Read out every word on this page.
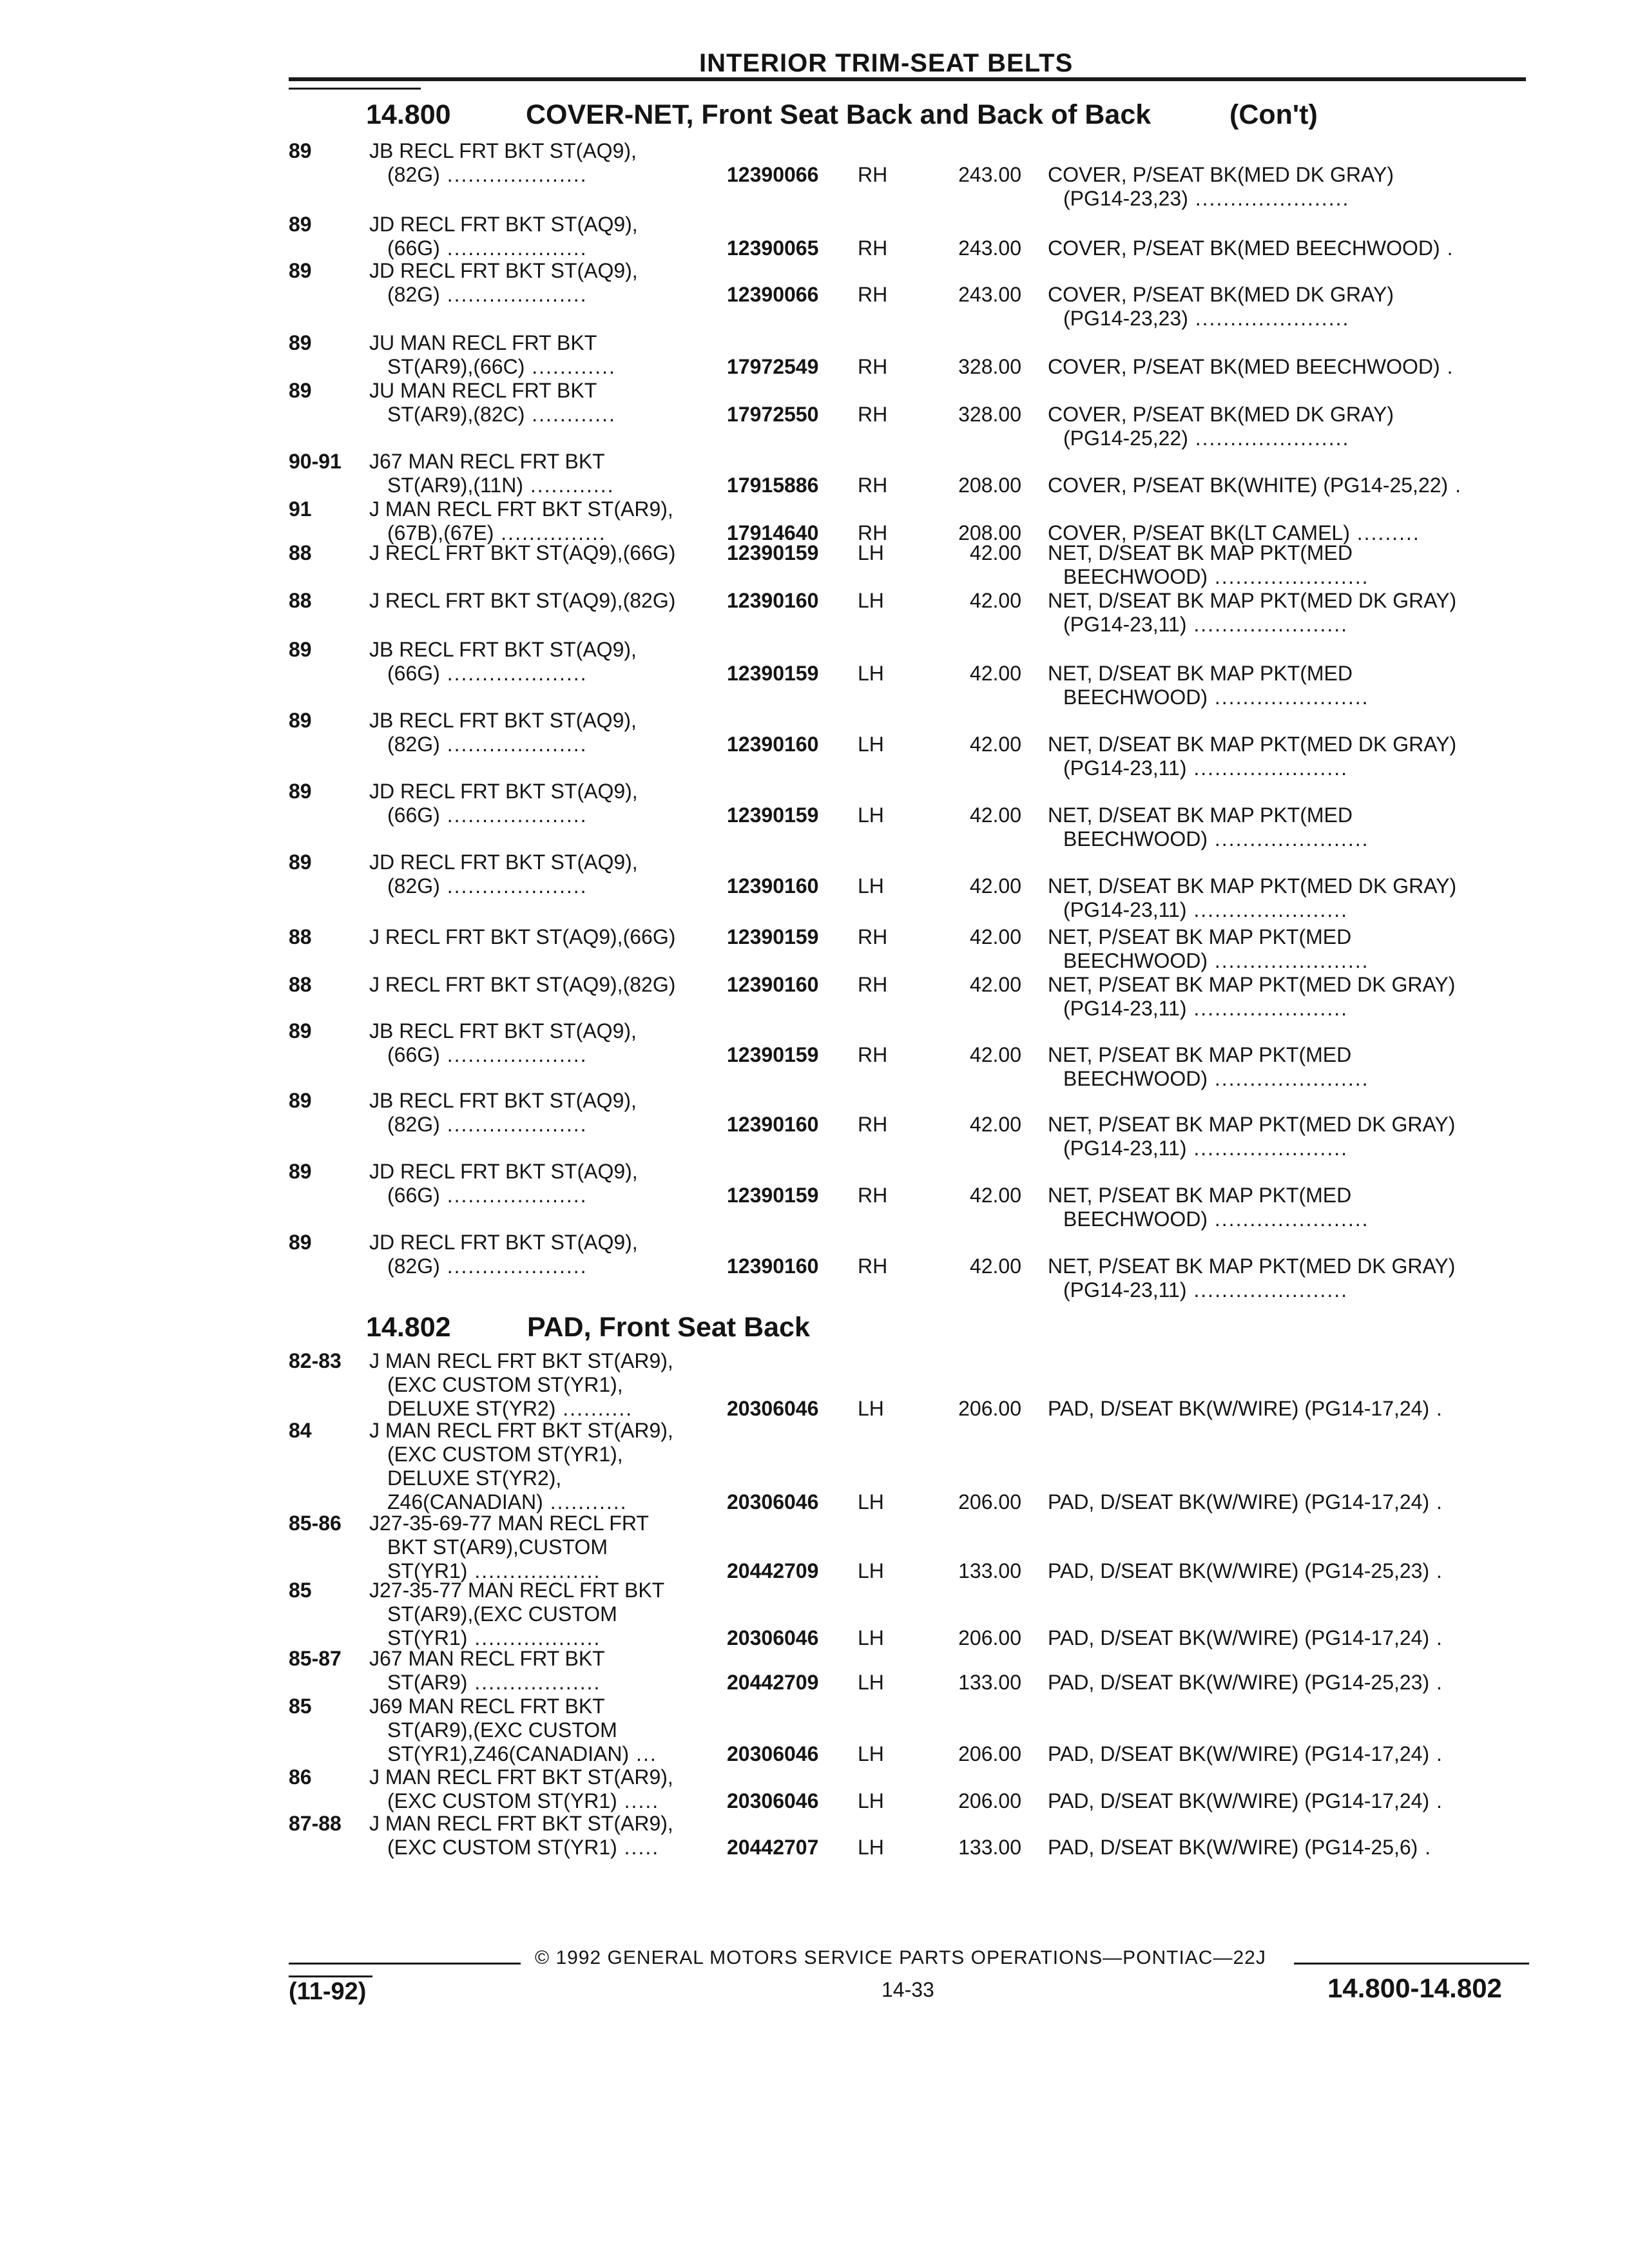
INTERIOR TRIM-SEAT BELTS
14.800	COVER-NET, Front Seat Back and Back of Back	(Con't)
89	JB RECL FRT BKT ST(AQ9),
(82G) ....................	12390066	RH	243.00 COVER, P/SEAT BK(MED DK GRAY)
(PG14-23,23) ......................
89	JD RECL FRT BKT ST(AQ9),
(66G) ....................	12390065	RH	243.00 COVER, P/SEAT BK(MED BEECHWOOD) .
89	JD RECL FRT BKT ST(AQ9),
(82G) ....................	12390066	RH	243.00 COVER, P/SEAT BK(MED DK GRAY)
(PG14-23,23) ......................
89	JU MAN RECL FRT BKT
ST(AR9),(66C) ............	17972549	RH	328.00 COVER, P/SEAT BK(MED BEECHWOOD) .
89	JU MAN RECL FRT BKT
ST(AR9),(82C) ............	17972550	RH	328.00 COVER, P/SEAT BK(MED DK GRAY)
(PG14-25,22) ......................
90-91	J67 MAN RECL FRT BKT
ST(AR9),(11N) ............	17915886	RH	208.00 COVER, P/SEAT BK(WHITE) (PG14-25,22) .
91	J MAN RECL FRT BKT ST(AR9),
(67B),(67E) ...............	17914640	RH	208.00 COVER, P/SEAT BK(LT CAMEL) .........
88	J RECL FRT BKT ST(AQ9),(66G)	12390159	LH	42.00 NET, D/SEAT BK MAP PKT(MED
BEECHWOOD) ......................
88	J RECL FRT BKT ST(AQ9),(82G)	12390160	LH	42.00 NET, D/SEAT BK MAP PKT(MED DK GRAY)
(PG14-23,11) ......................
89	JB RECL FRT BKT ST(AQ9),
(66G) ....................	12390159	LH	42.00 NET, D/SEAT BK MAP PKT(MED
BEECHWOOD) ......................
89	JB RECL FRT BKT ST(AQ9),
(82G) ....................	12390160	LH	42.00 NET, D/SEAT BK MAP PKT(MED DK GRAY)
(PG14-23,11) ......................
89	JD RECL FRT BKT ST(AQ9),
(66G) ....................	12390159	LH	42.00 NET, D/SEAT BK MAP PKT(MED
BEECHWOOD) ......................
89	JD RECL FRT BKT ST(AQ9),
(82G) ....................	12390160	LH	42.00 NET, D/SEAT BK MAP PKT(MED DK GRAY)
(PG14-23,11) ......................
88	J RECL FRT BKT ST(AQ9),(66G)	12390159	RH	42.00 NET, P/SEAT BK MAP PKT(MED
BEECHWOOD) ......................
88	J RECL FRT BKT ST(AQ9),(82G)	12390160	RH	42.00 NET, P/SEAT BK MAP PKT(MED DK GRAY)
(PG14-23,11) ......................
89	JB RECL FRT BKT ST(AQ9),
(66G) ....................	12390159	RH	42.00 NET, P/SEAT BK MAP PKT(MED
BEECHWOOD) ......................
89	JB RECL FRT BKT ST(AQ9),
(82G) ....................	12390160	RH	42.00 NET, P/SEAT BK MAP PKT(MED DK GRAY)
(PG14-23,11) ......................
89	JD RECL FRT BKT ST(AQ9),
(66G) ....................	12390159	RH	42.00 NET, P/SEAT BK MAP PKT(MED
BEECHWOOD) ......................
89	JD RECL FRT BKT ST(AQ9),
(82G) ....................	12390160	RH	42.00 NET, P/SEAT BK MAP PKT(MED DK GRAY)
(PG14-23,11) ......................
14.802	PAD, Front Seat Back
82-83	J MAN RECL FRT BKT ST(AR9),
(EXC CUSTOM ST(YR1),
DELUXE ST(YR2) ..........	20306046	LH	206.00 PAD, D/SEAT BK(W/WIRE) (PG14-17,24) .
84	J MAN RECL FRT BKT ST(AR9),
(EXC CUSTOM ST(YR1),
DELUXE ST(YR2),
Z46(CANADIAN) ...........	20306046	LH	206.00 PAD, D/SEAT BK(W/WIRE) (PG14-17,24) .
85-86	J27-35-69-77 MAN RECL FRT
BKT ST(AR9),CUSTOM
ST(YR1) ..................	20442709	LH	133.00 PAD, D/SEAT BK(W/WIRE) (PG14-25,23) .
85	J27-35-77 MAN RECL FRT BKT
ST(AR9),(EXC CUSTOM
ST(YR1) ..................	20306046	LH	206.00 PAD, D/SEAT BK(W/WIRE) (PG14-17,24) .
85-87	J67 MAN RECL FRT BKT
ST(AR9) ..................	20442709	LH	133.00 PAD, D/SEAT BK(W/WIRE) (PG14-25,23) .
85	J69 MAN RECL FRT BKT
ST(AR9),(EXC CUSTOM
ST(YR1),Z46(CANADIAN) ...	20306046	LH	206.00 PAD, D/SEAT BK(W/WIRE) (PG14-17,24) .
86	J MAN RECL FRT BKT ST(AR9),
(EXC CUSTOM ST(YR1) .....	20306046	LH	206.00 PAD, D/SEAT BK(W/WIRE) (PG14-17,24) .
87-88	J MAN RECL FRT BKT ST(AR9),
(EXC CUSTOM ST(YR1) .....	20442707	LH	133.00 PAD, D/SEAT BK(W/WIRE) (PG14-25,6) .
© 1992 GENERAL MOTORS SERVICE PARTS OPERATIONS—PONTIAC—22J
(11-92)	14-33	14.800-14.802
